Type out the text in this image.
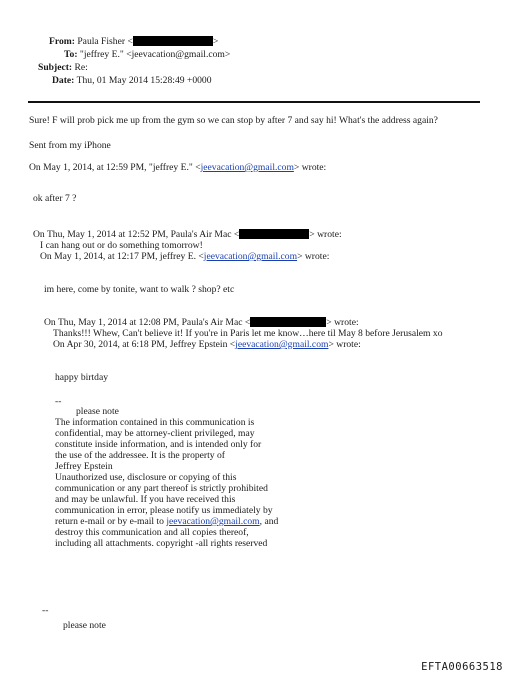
From: Paula Fisher <	>
To: "jeffrey E." <jeevacation@gmail.com>
Subject: Re:
Date: Thu, 01 May 2014 15:28:49 +0000
Sure! F will prob pick me up from the gym so we can stop by after 7 and say hi! What's the address again?
Sent from my iPhone
On May 1, 2014, at 12:59 PM, "jeffrey E." <jeevacation@gmail.com> wrote:
ok after 7 ?
On Thu, May 1, 2014 at 12:52 PM, Paula's Air Mac <	> wrote:
I can hang out or do something tomorrow!
On May 1, 2014, at 12:17 PM, jeffrey E. <jeevacation@gmail.com> wrote:
im here, come by tonite, want to walk ? shop? etc
On Thu, May 1, 2014 at 12:08 PM, Paula's Air Mac <	> wrote:
Thanks!!! Whew, Can't believe it! If you're in Paris let me know…here til May 8 before Jerusalem xo
On Apr 30, 2014, at 6:18 PM, Jeffrey Epstein <jeevacation@gmail.com> wrote:
happy birtday
--
please note
The information contained in this communication is
confidential, may be attorney-client privileged, may
constitute inside information, and is intended only for
the use of the addressee. It is the property of
Jeffrey Epstein
Unauthorized use, disclosure or copying of this
communication or any part thereof is strictly prohibited
and may be unlawful. If you have received this
communication in error, please notify us immediately by
return e-mail or by e-mail to jeevacation@gmail.com, and
destroy this communication and all copies thereof,
including all attachments. copyright -all rights reserved
--
please note
EFTA00663518
